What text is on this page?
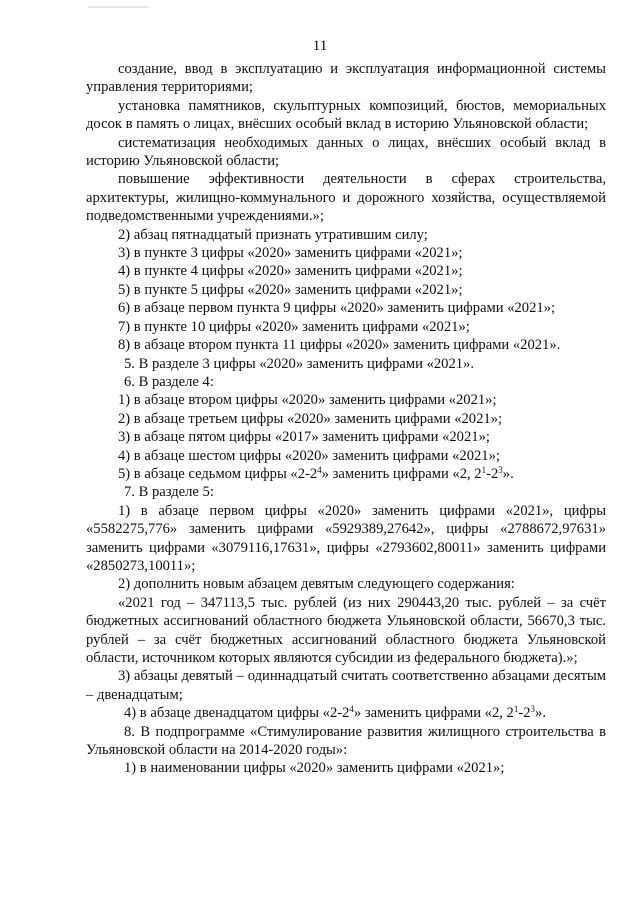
11

создание, ввод в эксплуатацию и эксплуатация информационной системы управления территориями;

установка памятников, скульптурных композиций, бюстов, мемориальных досок в память о лицах, внёсших особый вклад в историю Ульяновской области;

систематизация необходимых данных о лицах, внёсших особый вклад в историю Ульяновской области;

повышение эффективности деятельности в сферах строительства, архитектуры, жилищно-коммунального и дорожного хозяйства, осуществляемой подведомственными учреждениями.»;

2) абзац пятнадцатый признать утратившим силу;

3) в пункте 3 цифры «2020» заменить цифрами «2021»;

4) в пункте 4 цифры «2020» заменить цифрами «2021»;

5) в пункте 5 цифры «2020» заменить цифрами «2021»;

6) в абзаце первом пункта 9 цифры «2020» заменить цифрами «2021»;

7) в пункте 10 цифры «2020» заменить цифрами «2021»;

8) в абзаце втором пункта 11 цифры «2020» заменить цифрами «2021».

5. В разделе 3 цифры «2020» заменить цифрами «2021».

6. В разделе 4:

1) в абзаце втором цифры «2020» заменить цифрами «2021»;

2) в абзаце третьем цифры «2020» заменить цифрами «2021»;

3) в абзаце пятом цифры «2017» заменить цифрами «2021»;

4) в абзаце шестом цифры «2020» заменить цифрами «2021»;

5) в абзаце седьмом цифры «$2-2^4$» заменить цифрами «2, $2^1-2^3$».

7. В разделе 5:

1) в абзаце первом цифры «2020» заменить цифрами «2021», цифры «5582275,776» заменить цифрами «5929389,27642», цифры «2788672,97631» заменить цифрами «3079116,17631», цифры «2793602,80011» заменить цифрами «2850273,10011»;

2) дополнить новым абзацем девятым следующего содержания:

«2021 год – 347113,5 тыс. рублей (из них 290443,20 тыс. рублей – за счёт бюджетных ассигнований областного бюджета Ульяновской области, 56670,3 тыс. рублей – за счёт бюджетных ассигнований областного бюджета Ульяновской области, источником которых являются субсидии из федерального бюджета).»;

3) абзацы девятый – одиннадцатый считать соответственно абзацами десятым – двенадцатым;

4) в абзаце двенадцатом цифры «$2-2^4$» заменить цифрами «2, $2^1-2^3$».

8. В подпрограмме «Стимулирование развития жилищного строительства в Ульяновской области на 2014-2020 годы»:

1) в наименовании цифры «2020» заменить цифрами «2021»;
